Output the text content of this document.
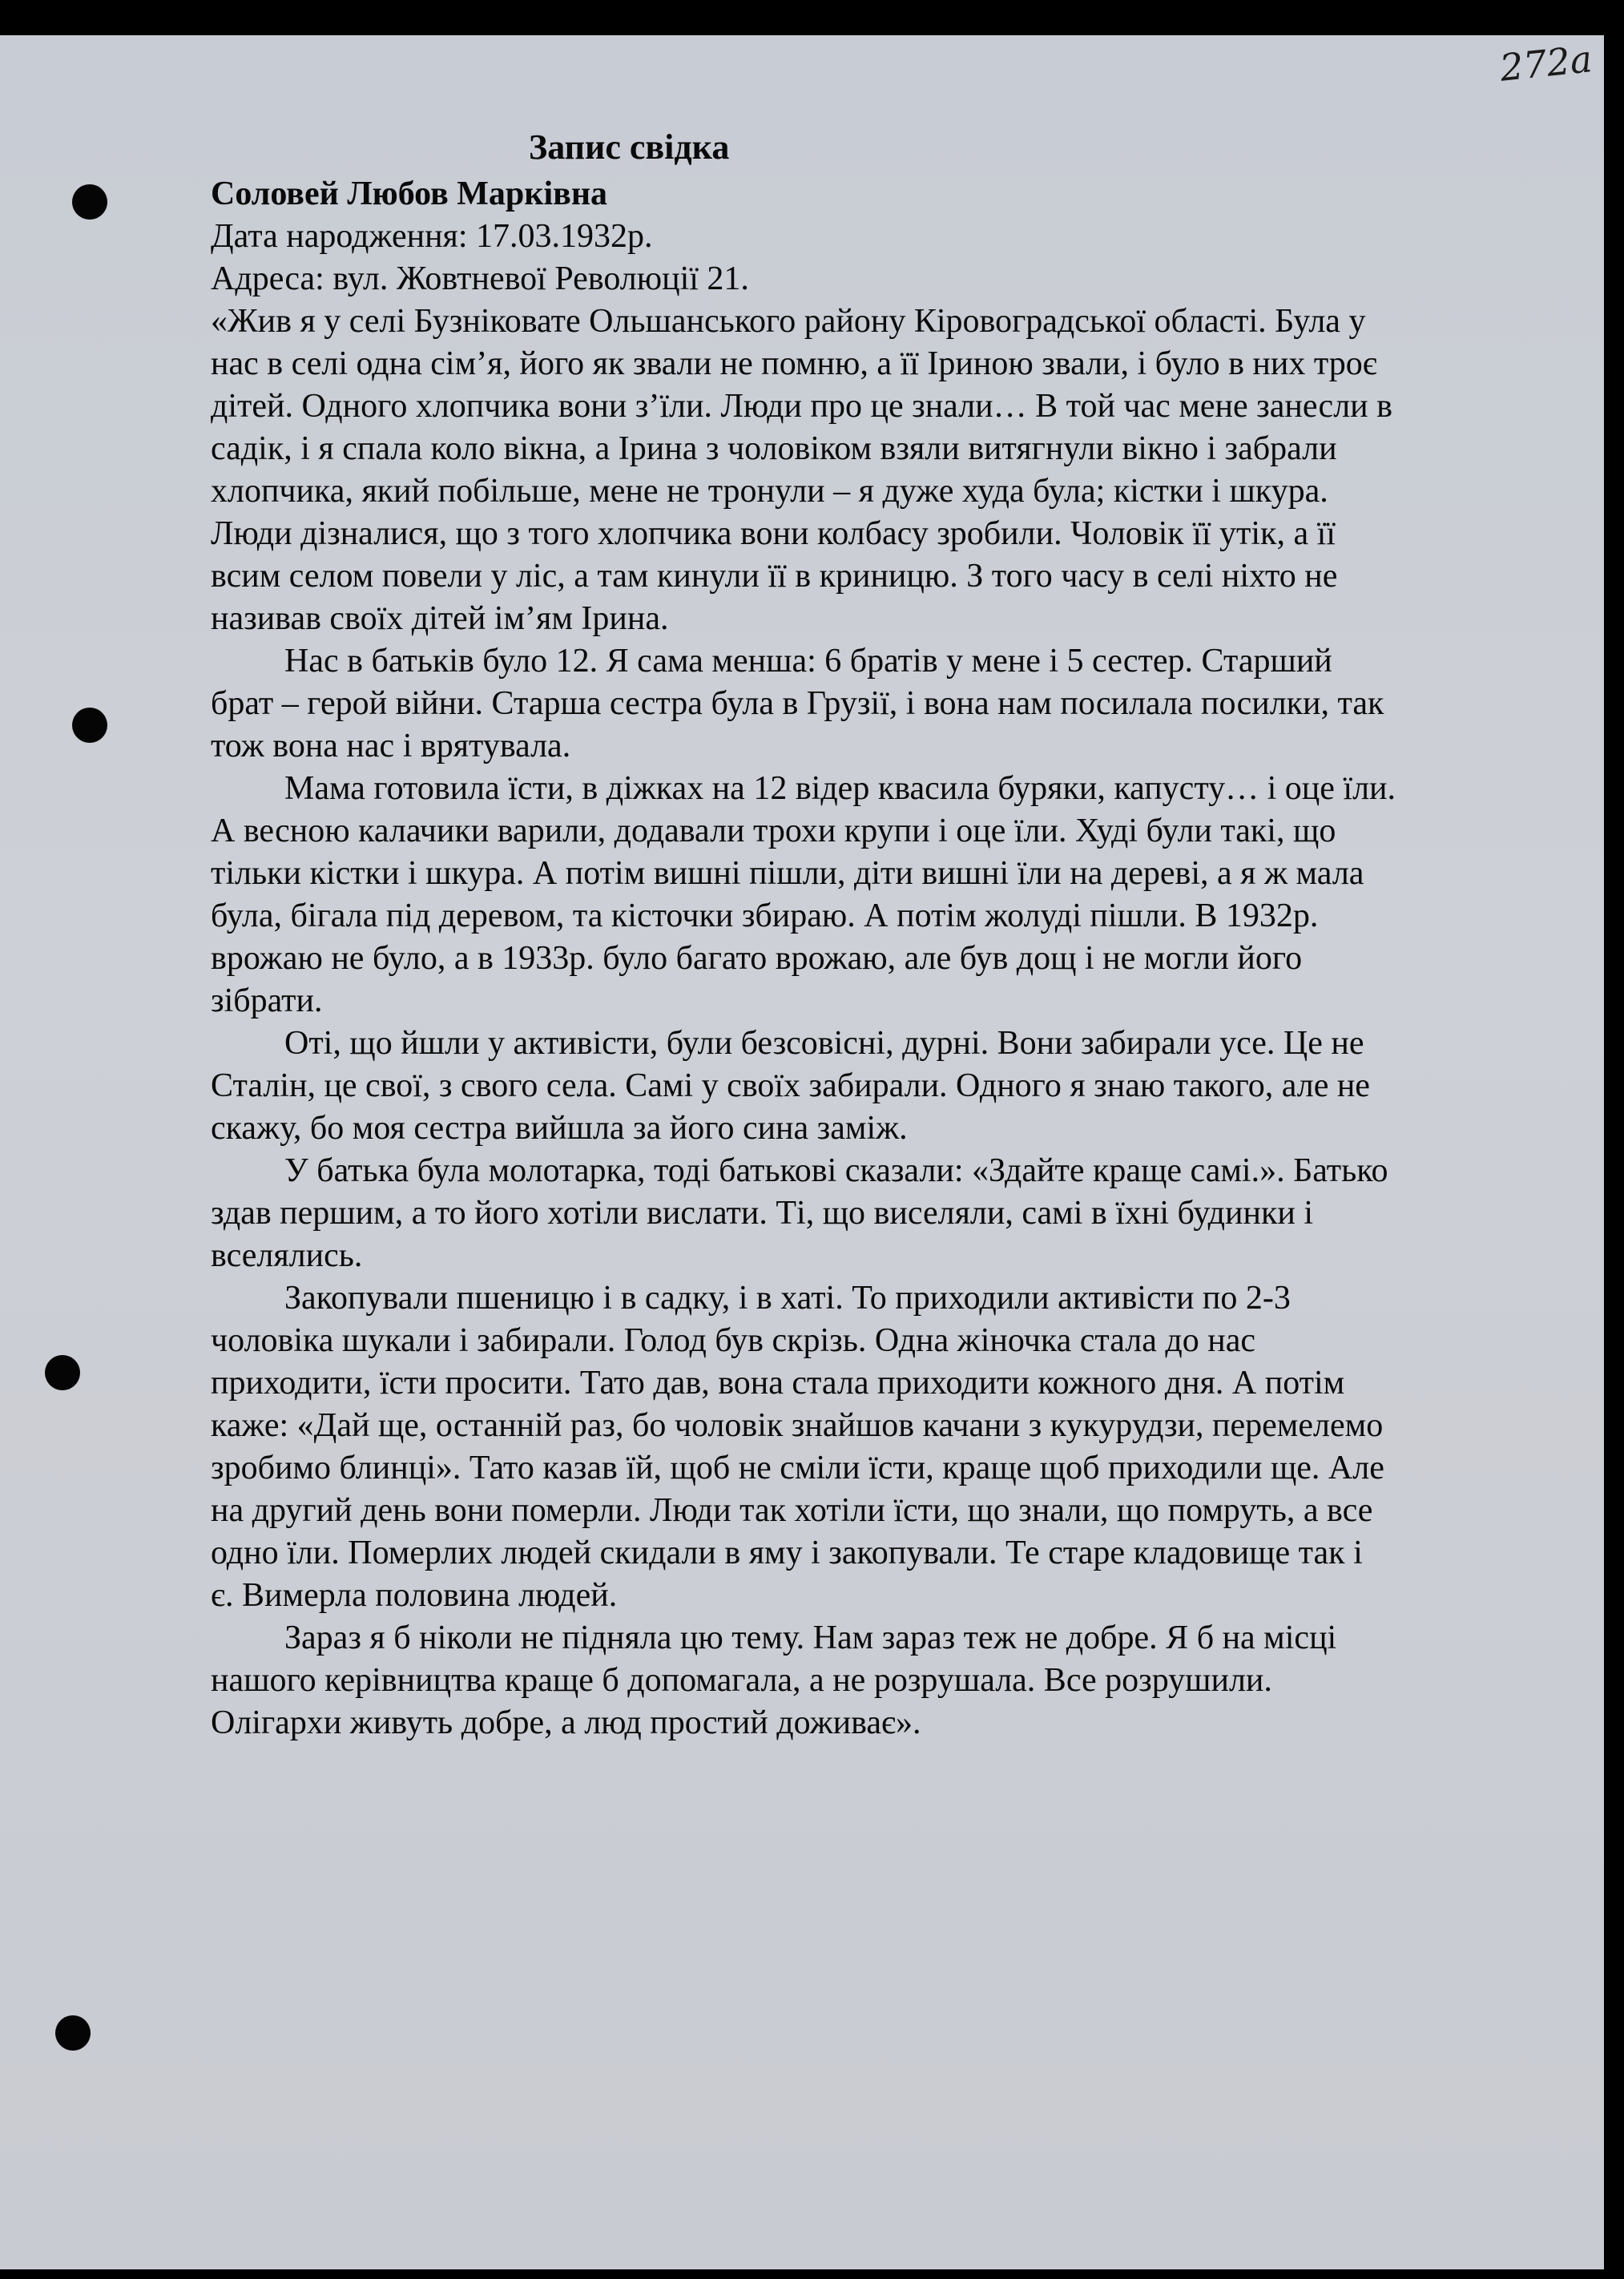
272а
Запис свідка
Соловей Любов Марківна
Дата народження: 17.03.1932р.
Адреса: вул. Жовтневої Революції 21.
«Жив я у селі Бузніковате Ольшанського району Кіровоградської області. Була у
нас в селі одна сім’я, його як звали не помню, а її Іриною звали, і було в них троє
дітей. Одного хлопчика вони з’їли. Люди про це знали… В той час мене занесли в
садік, і я спала коло вікна, а Ірина з чоловіком взяли витягнули вікно і забрали
хлопчика, який побільше, мене не тронули – я дуже худа була; кістки і шкура.
Люди дізналися, що з того хлопчика вони колбасу зробили. Чоловік її утік, а її
всим селом повели у ліс, а там кинули її в криницю. З того часу в селі ніхто не
називав своїх дітей ім’ям Ірина.
Нас в батьків було 12. Я сама менша: 6 братів у мене і 5 сестер. Старший
брат – герой війни. Старша сестра була в Грузії, і вона нам посилала посилки, так
тож вона нас і врятувала.
Мама готовила їсти, в діжках на 12 відер квасила буряки, капусту… і оце їли.
А весною калачики варили, додавали трохи крупи і оце їли. Худі були такі, що
тільки кістки і шкура. А потім вишні пішли, діти вишні їли на дереві, а я ж мала
була, бігала під деревом, та кісточки збираю. А потім жолуді пішли. В 1932р.
врожаю не було, а в 1933р. було багато врожаю, але був дощ і не могли його
зібрати.
Оті, що йшли у активісти, були безсовісні, дурні. Вони забирали усе. Це не
Сталін, це свої, з свого села. Самі у своїх забирали. Одного я знаю такого, але не
скажу, бо моя сестра вийшла за його сина заміж.
У батька була молотарка, тоді батькові сказали: «Здайте краще самі.». Батько
здав першим, а то його хотіли вислати. Ті, що виселяли, самі в їхні будинки і
вселялись.
Закопували пшеницю і в садку, і в хаті. То приходили активісти по 2-3
чоловіка шукали і забирали. Голод був скрізь. Одна жіночка стала до нас
приходити, їсти просити. Тато дав, вона стала приходити кожного дня. А потім
каже: «Дай ще, останній раз, бо чоловік знайшов качани з кукурудзи, перемелемо
зробимо блинці». Тато казав їй, щоб не сміли їсти, краще щоб приходили ще. Але
на другий день вони померли. Люди так хотіли їсти, що знали, що помруть, а все
одно їли. Померлих людей скидали в яму і закопували. Те старе кладовище так і
є. Вимерла половина людей.
Зараз я б ніколи не підняла цю тему. Нам зараз теж не добре. Я б на місці
нашого керівництва краще б допомагала, а не розрушала. Все розрушили.
Олігархи живуть добре, а люд простий доживає».
